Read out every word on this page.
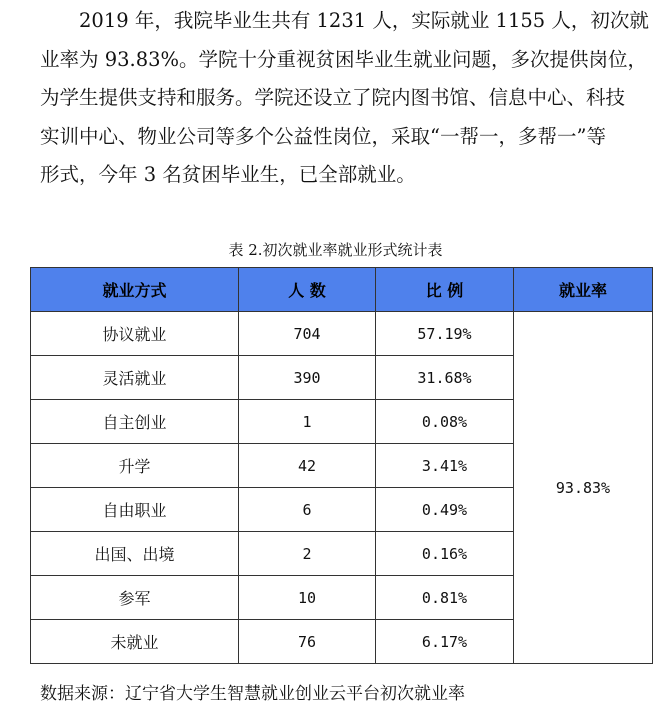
2019 年，我院毕业生共有 1231 人，实际就业 1155 人，初次就
业率为 93.83%。学院十分重视贫困毕业生就业问题，多次提供岗位，
为学生提供支持和服务。学院还设立了院内图书馆、信息中心、科技
实训中心、物业公司等多个公益性岗位，采取“一帮一，多帮一”等
形式，今年 3 名贫困毕业生，已全部就业。
表 2.初次就业率就业形式统计表
就业方式	人 数	比 例	就业率
协议就业	704	57.19%	93.83%
灵活就业	390	31.68%	
自主创业	1	0.08%	
升学	42	3.41%	
自由职业	6	0.49%	
出国、出境	2	0.16%	
参军	10	0.81%	
未就业	76	6.17%	
数据来源：辽宁省大学生智慧就业创业云平台初次就业率
